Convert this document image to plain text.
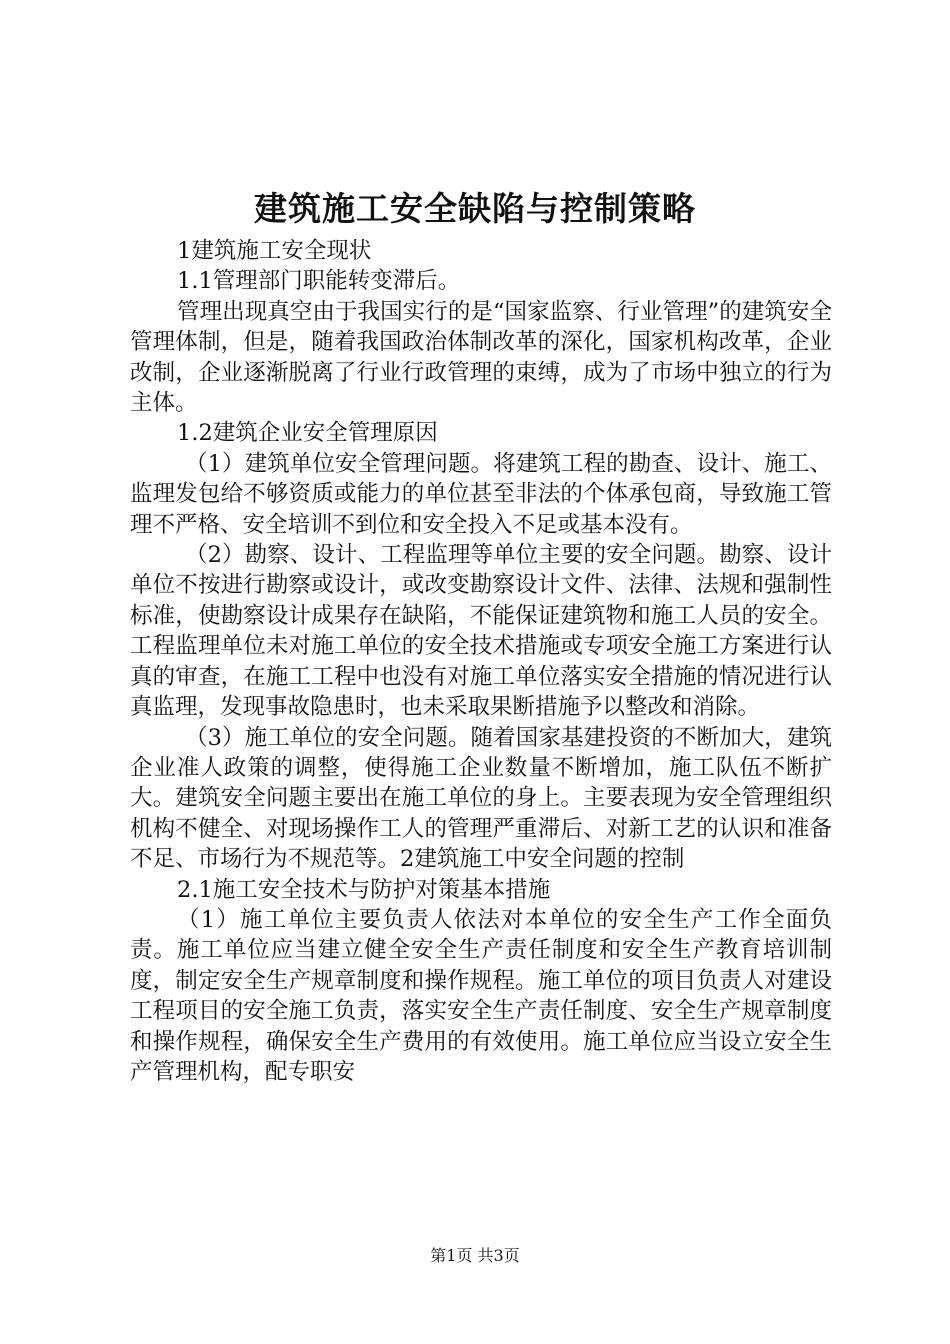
建筑施工安全缺陷与控制策略

1建筑施工安全现状

1.1管理部门职能转变滞后。

管理出现真空由于我国实行的是“国家监察、行业管理”的建筑安全管理体制，但是，随着我国政治体制改革的深化，国家机构改革，企业改制，企业逐渐脱离了行业行政管理的束缚，成为了市场中独立的行为主体。

1.2建筑企业安全管理原因

（1）建筑单位安全管理问题。将建筑工程的勘查、设计、施工、监理发包给不够资质或能力的单位甚至非法的个体承包商，导致施工管理不严格、安全培训不到位和安全投入不足或基本没有。

（2）勘察、设计、工程监理等单位主要的安全问题。勘察、设计单位不按进行勘察或设计，或改变勘察设计文件、法律、法规和强制性标准，使勘察设计成果存在缺陷，不能保证建筑物和施工人员的安全。工程监理单位未对施工单位的安全技术措施或专项安全施工方案进行认真的审查，在施工工程中也没有对施工单位落实安全措施的情况进行认真监理，发现事故隐患时，也未采取果断措施予以整改和消除。

（3）施工单位的安全问题。随着国家基建投资的不断加大，建筑企业准人政策的调整，使得施工企业数量不断增加，施工队伍不断扩大。建筑安全问题主要出在施工单位的身上。主要表现为安全管理组织机构不健全、对现场操作工人的管理严重滞后、对新工艺的认识和准备不足、市场行为不规范等。2建筑施工中安全问题的控制

2.1施工安全技术与防护对策基本措施

（1）施工单位主要负责人依法对本单位的安全生产工作全面负责。施工单位应当建立健全安全生产责任制度和安全生产教育培训制度，制定安全生产规章制度和操作规程。施工单位的项目负责人对建设工程项目的安全施工负责，落实安全生产责任制度、安全生产规章制度和操作规程，确保安全生产费用的有效使用。施工单位应当设立安全生产管理机构，配专职安

第1页 共3页
